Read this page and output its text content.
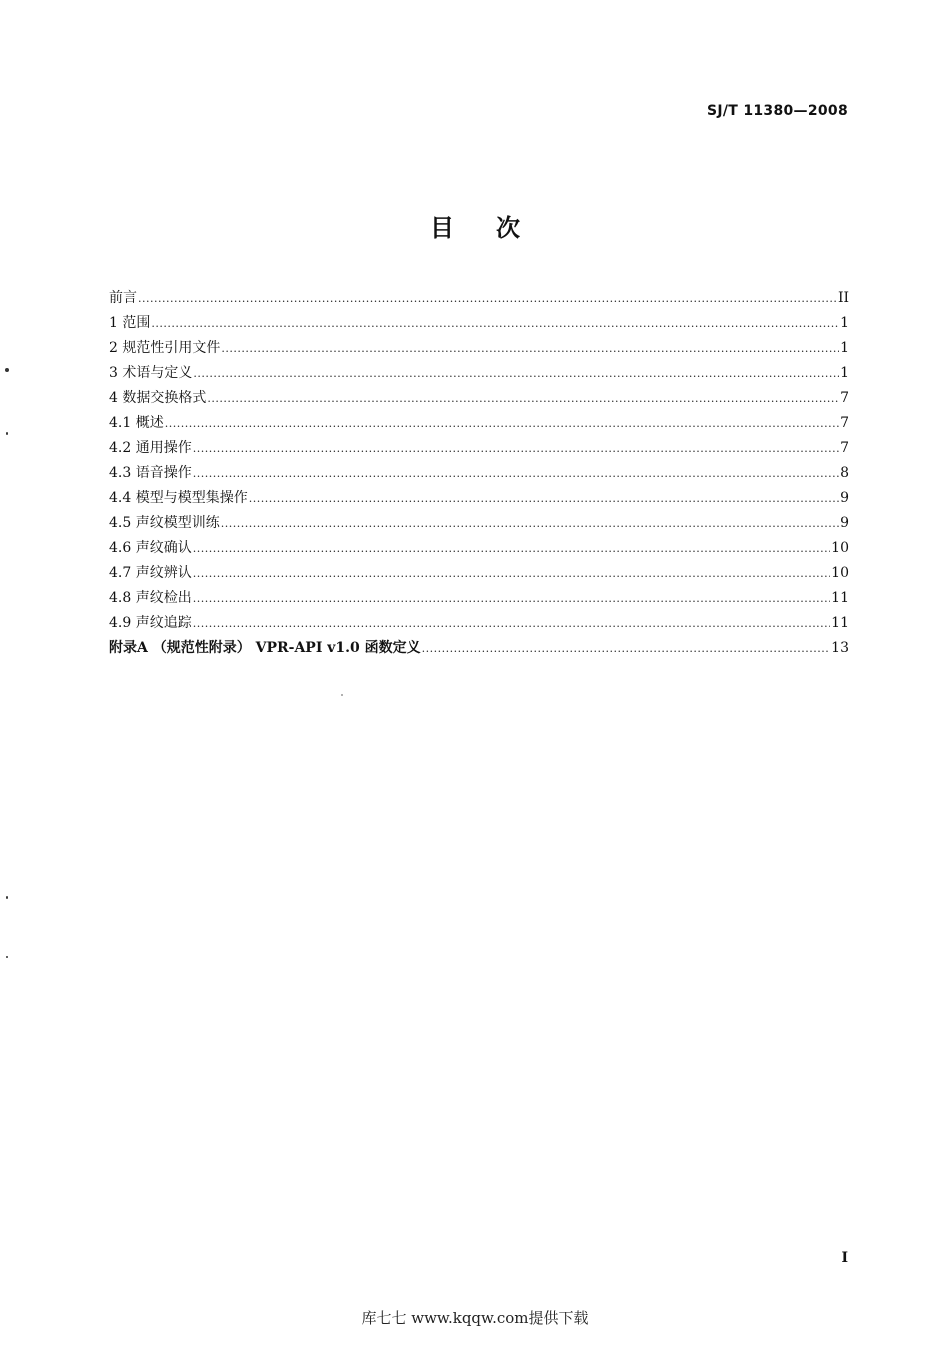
SJ/T 11380—2008
目次
前言 .....	II
1 范围 .....	1
2 规范性引用文件 .....	1
3 术语与定义 .....	1
4 数据交换格式 .....	7
4.1 概述 .....	7
4.2 通用操作 .....	7
4.3 语音操作 .....	8
4.4 模型与模型集操作 .....	9
4.5 声纹模型训练 .....	9
4.6 声纹确认 .....	10
4.7 声纹辨认 .....	10
4.8 声纹检出 .....	11
4.9 声纹追踪 .....	11
附录A （规范性附录） VPR-API v1.0 函数定义 .....	13
I
库七七 www.kqqw.com提供下载
